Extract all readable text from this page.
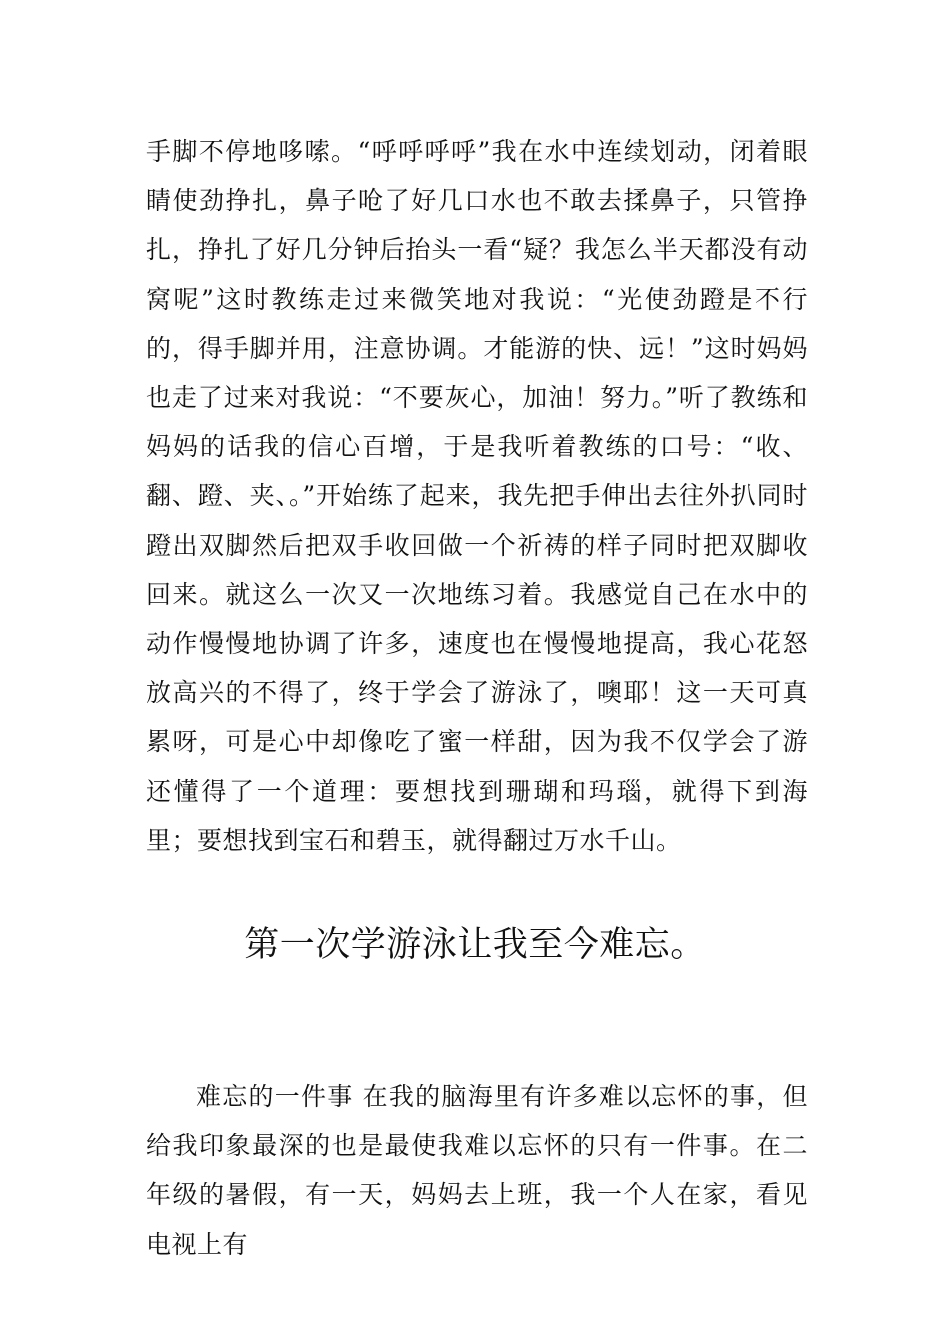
手脚不停地哆嗦。“呼呼呼呼”我在水中连续划动，闭着眼睛使劲挣扎，鼻子呛了好几口水也不敢去揉鼻子，只管挣扎，挣扎了好几分钟后抬头一看“疑？我怎么半天都没有动窝呢”这时教练走过来微笑地对我说：“光使劲蹬是不行的，得手脚并用，注意协调。才能游的快、远！”这时妈妈也走了过来对我说：“不要灰心，加油！努力。”听了教练和妈妈的话我的信心百增，于是我听着教练的口号：“收、翻、蹬、夹、。”开始练了起来，我先把手伸出去往外扒同时蹬出双脚然后把双手收回做一个祈祷的样子同时把双脚收回来。就这么一次又一次地练习着。我感觉自己在水中的动作慢慢地协调了许多，速度也在慢慢地提高，我心花怒放高兴的不得了，终于学会了游泳了，噢耶！这一天可真累呀，可是心中却像吃了蜜一样甜，因为我不仅学会了游还懂得了一个道理：要想找到珊瑚和玛瑙，就得下到海里；要想找到宝石和碧玉，就得翻过万水千山。

第一次学游泳让我至今难忘。

难忘的一件事 在我的脑海里有许多难以忘怀的事，但给我印象最深的也是最使我难以忘怀的只有一件事。在二年级的暑假，有一天，妈妈去上班，我一个人在家，看见电视上有
